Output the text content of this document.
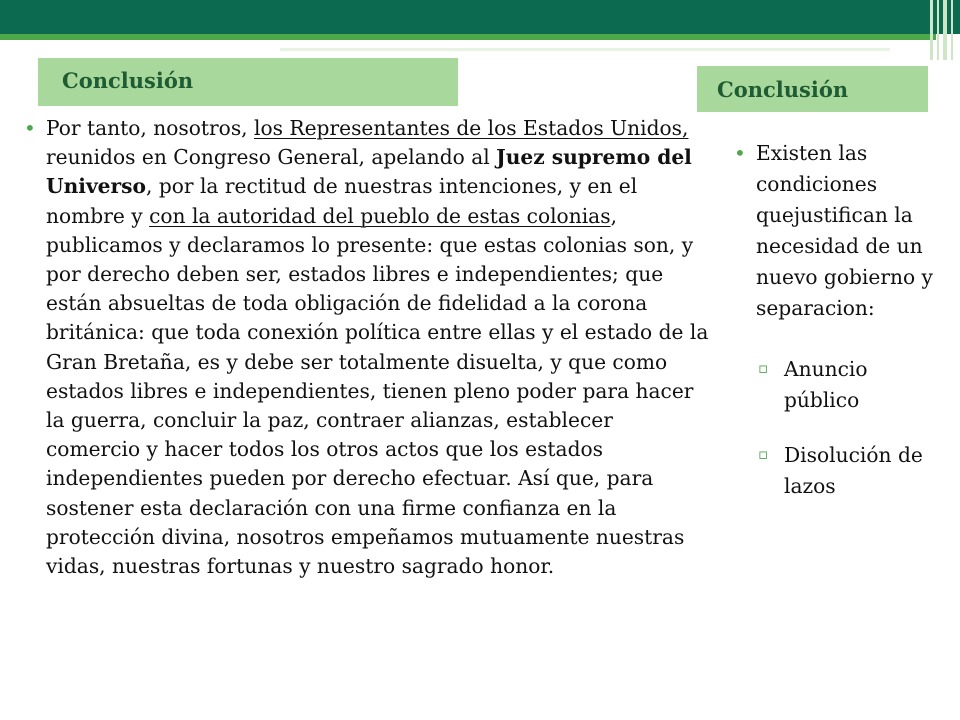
Conclusión	Conclusión
• Por tanto, nosotros, los Representantes de los Estados Unidos, reunidos en Congreso General, apelando al Juez supremo del Universo, por la rectitud de nuestras intenciones, y en el nombre y con la autoridad del pueblo de estas colonias, publicamos y declaramos lo presente: que estas colonias son, y por derecho deben ser, estados libres e independientes; que están absueltas de toda obligación de fidelidad a la corona británica: que toda conexión política entre ellas y el estado de la Gran Bretaña, es y debe ser totalmente disuelta, y que como estados libres e independientes, tienen pleno poder para hacer la guerra, concluir la paz, contraer alianzas, establecer comercio y hacer todos los otros actos que los estados independientes pueden por derecho efectuar. Así que, para sostener esta declaración con una firme confianza en la protección divina, nosotros empeñamos mutuamente nuestras vidas, nuestras fortunas y nuestro sagrado honor.
• Existen las condiciones quejustifican la necesidad de un nuevo gobierno y separacion:
▫ Anuncio público
▫ Disolución de lazos
